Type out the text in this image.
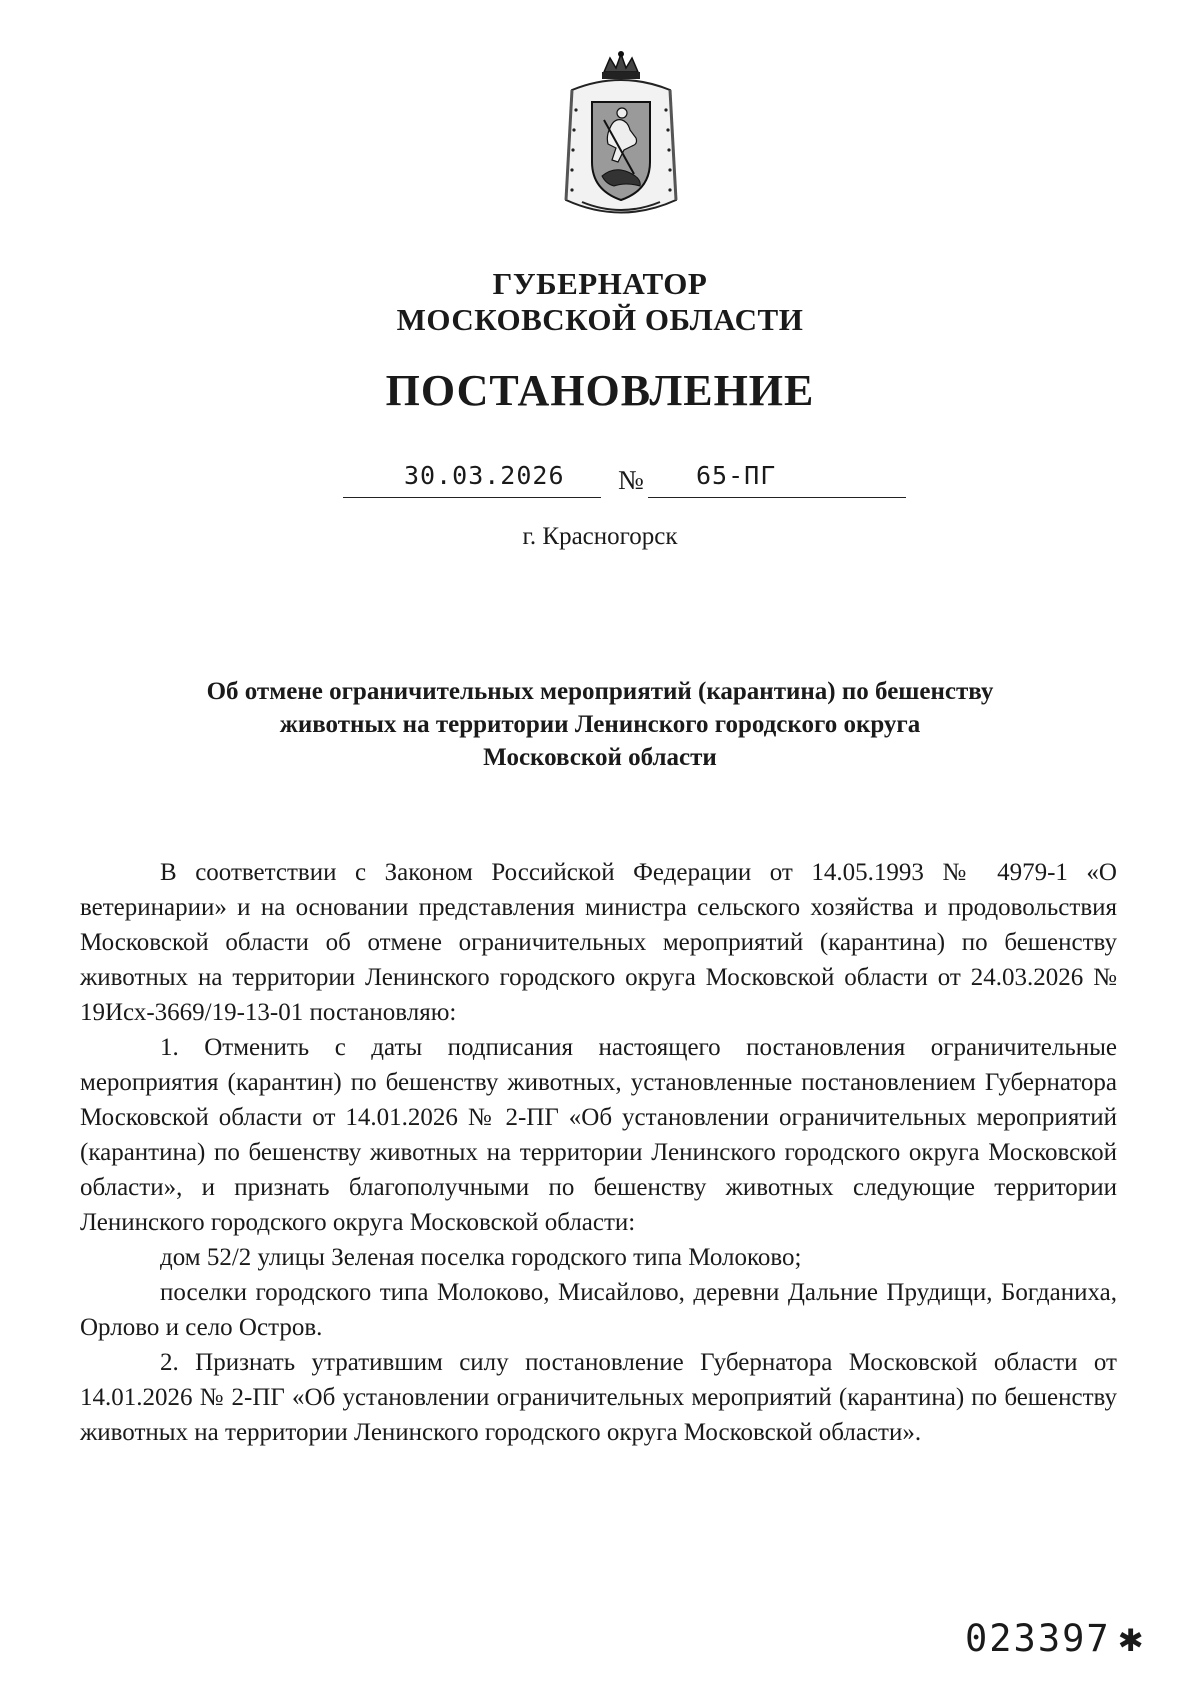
ГУБЕРНАТОР
МОСКОВСКОЙ ОБЛАСТИ
ПОСТАНОВЛЕНИЕ
30.03.2026 № 65-ПГ
г. Красногорск
Об отмене ограничительных мероприятий (карантина) по бешенству
животных на территории Ленинского городского округа
Московской области

В соответствии с Законом Российской Федерации от 14.05.1993 № 4979-1 «О ветеринарии» и на основании представления министра сельского хозяйства и продовольствия Московской области об отмене ограничительных мероприятий (карантина) по бешенству животных на территории Ленинского городского округа Московской области от 24.03.2026 № 19Исх-3669/19-13-01 постановляю:

1. Отменить с даты подписания настоящего постановления ограничительные мероприятия (карантин) по бешенству животных, установленные постановлением Губернатора Московской области от 14.01.2026 № 2-ПГ «Об установлении ограничительных мероприятий (карантина) по бешенству животных на территории Ленинского городского округа Московской области», и признать благополучными по бешенству животных следующие территории Ленинского городского округа Московской области:

дом 52/2 улицы Зеленая поселка городского типа Молоково;

поселки городского типа Молоково, Мисайлово, деревни Дальние Прудищи, Богданиха, Орлово и село Остров.

2. Признать утратившим силу постановление Губернатора Московской области от 14.01.2026 № 2-ПГ «Об установлении ограничительных мероприятий (карантина) по бешенству животных на территории Ленинского городского округа Московской области».

023397 ✱
